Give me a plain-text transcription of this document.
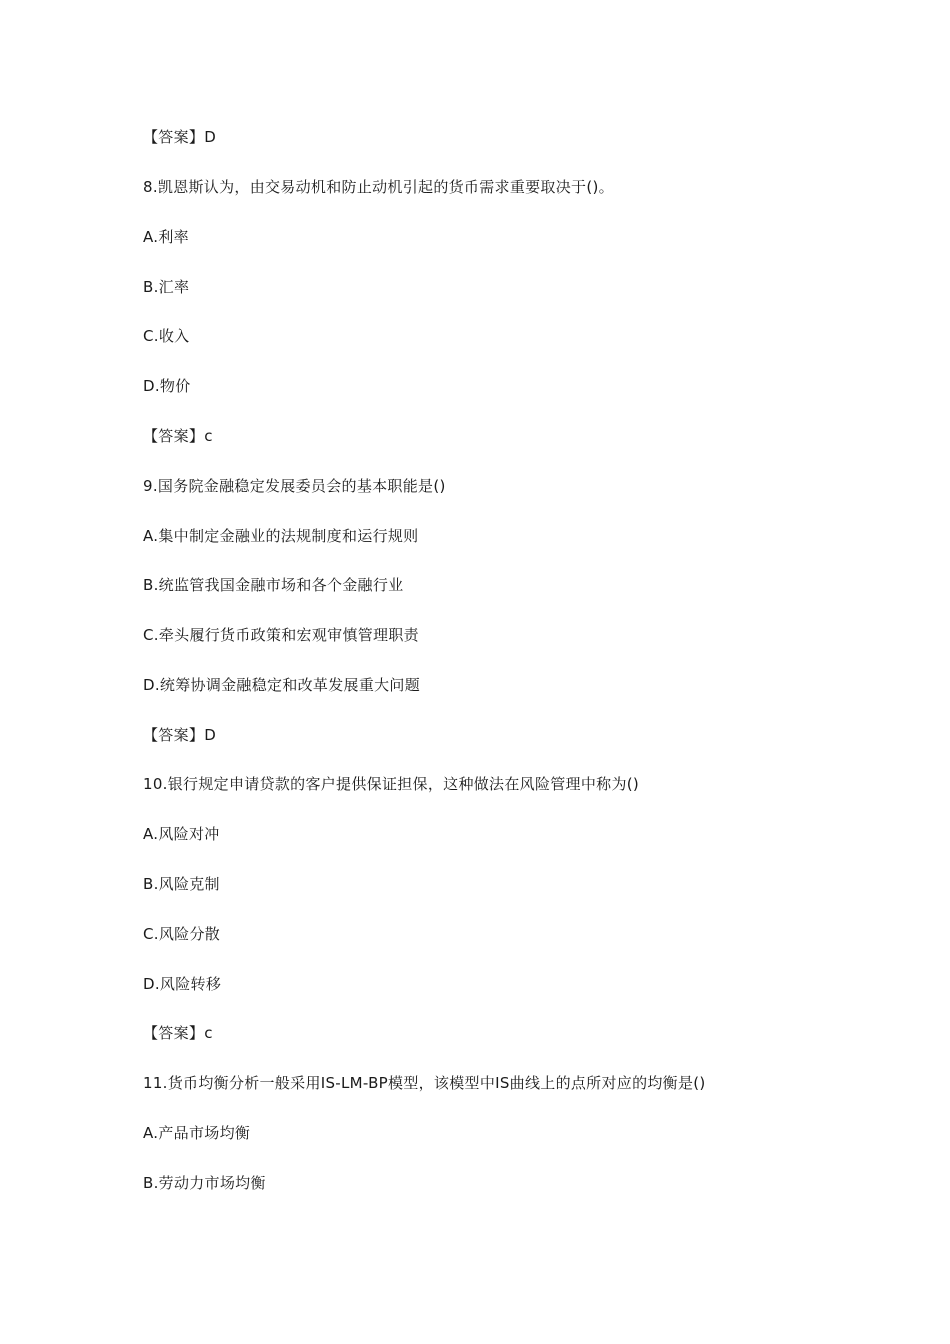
【答案】D
8.凯恩斯认为，由交易动机和防止动机引起的货币需求重要取决于()。
A.利率
B.汇率
C.收入
D.物价
【答案】c
9.国务院金融稳定发展委员会的基本职能是()
A.集中制定金融业的法规制度和运行规则
B.统监管我国金融市场和各个金融行业
C.牵头履行货币政策和宏观审慎管理职责
D.统筹协调金融稳定和改革发展重大问题
【答案】D
10.银行规定申请贷款的客户提供保证担保，这种做法在风险管理中称为()
A.风险对冲
B.风险克制
C.风险分散
D.风险转移
【答案】c
11.货币均衡分析一般采用IS-LM-BP模型，该模型中IS曲线上的点所对应的均衡是()
A.产品市场均衡
B.劳动力市场均衡
